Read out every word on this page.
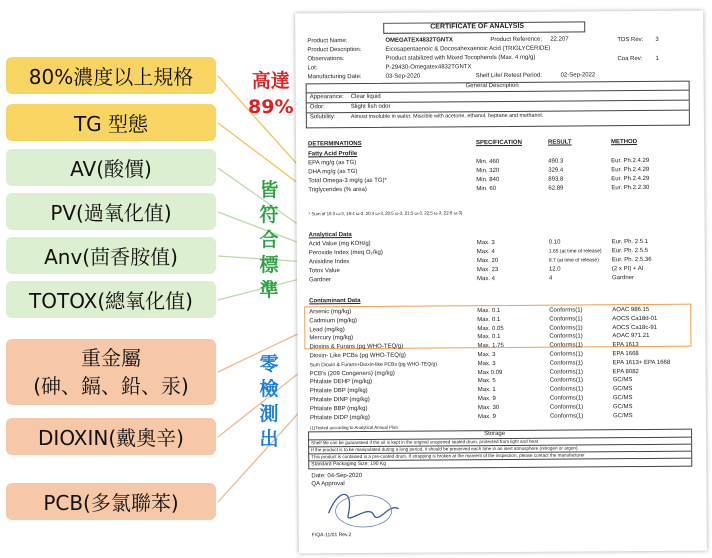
80%濃度以上規格
TG 型態
AV(酸價)
PV(過氧化值)
Anv(茴香胺值)
TOTOX(總氧化值)
重金屬
(砷、鎘、鉛、汞)
DIOXIN(戴奧辛)
PCB(多氯聯苯)
高達
89%
皆
符
合
標
準
零
檢
測
出
CERTIFICATE OF ANALYSIS
Product Name:	OMEGATEX4832TGNTX	Product Reference: 22.207	TDS Rev: 3
Product Description:	Eicosapentaenoic & Docosahexaenoic Acid (TRIGLYCERIDE)
Observations:	Product stabilized with Mixed Tocopherols (Max. 4 mg/g)	Coa Rev: 1
Lot:	P-29430-Omegatex4832TGNTX
Manufacturing Date:	03-Sep-2020	Shelf Life/ Retest Period:	02-Sep-2022
General Description
Appearance: Clear liquid
Odor:	Slight fish odor
Solubility:	Almost insoluble in water. Miscible with acetone, ethanol, heptane and methanol.
DETERMINATIONS	SPECIFICATION	RESULT	METHOD
Fatty Acid Profile
* Sum of 18:3 ω-3, 18:4 ω-3, 20:4 ω-3, 20:5 ω-3, 21:5 ω-3, 22:5 ω-3, 22:6 ω-3)
Analytical Data
Contaminant Data
(1)Tested according to Analytical Annual Plan
Storage
Shelf life can be guaranteed if the oil is kept in the original unopened sealed drum, protected from light and heat
If the product is to be manipulated during a long period, it should be preserved each time in an inert atmosphere (nitrogen or argon).
This product is contained in a pre-coated drum. If strapping is broken at the moment of the inspection, please contact the manufacturer
Standard Packaging Size: 190 Kg
Date: 04-Sep-2020
QA Approval
F/QA-11/01 Rev.2
EPA mg/g (as TG)	Min. 460	490.3	Eur. Ph.2.4.29
DHA mg/g (as TG)	Min. 320	329.4	Eur. Ph.2.4.29
Total Omega-3 mg/g (as TG)*	Min. 840	893.8	Eur. Ph.2.4.29
Triglycerides (% area)	Min. 60	62.89	Eur. Ph.2.2.30
Acid Value (mg KOH/g)	Max. 3	0.10	Eur. Ph. 2.5.1
Peroxide Index (meq O₂/kg)	Max. 4	1.65 (at time of release) Eur. Ph. 2.5.5
Anisidine Index	Max. 20	8.7 (at time of release) Eur. Ph. 2.5.36
Totox Value	Max. 23	12.0	(2 x PI) + AI
Gardner	Max. 4	4	Gardner
Arsenic (mg/kg)	Max. 0.1	Conforms(1)	AOAC 986.15
Cadmium (mg/kg)	Max. 0.1	Conforms(1)	AOCS Ca18d-01
Lead (mg/kg)	Max. 0.05	Conforms(1)	AOCS Ca18c-91
Mercury (mg/kg)	Max. 0.1	Conforms(1)	AOAC 971.21
Dioxins & Furans (pg WHO-TEQ/g)	Max. 1.75	Conforms(1)	EPA 1613
Dioxin- Like PCBs (pg WHO-TEQ/g)	Max. 3	Conforms(1)	EPA 1668
Sum Dioxin & Furans+Dioxin-like PCBs (pg WHO-TEQ/g)	Max. 3	Conforms(1)	EPA 1613+ EPA 1668
PCB's (209 Congeners) (mg/kg)	Max 0.09	Conforms(1)	EPA 8082
Phtalate DEHP (mg/kg)	Max. 5	Conforms(1)	GC/MS
Phtalate DBP (mg/kg)	Max. 1	Conforms(1)	GC/MS
Phtalate DINP (mg/kg)	Max. 9	Conforms(1)	GC/MS
Phtalate BBP (mg/kg)	Max. 30	Conforms(1)	GC/MS
Phtalate DIDP (mg/kg)	Max. 9	Conforms(1)	GC/MS
